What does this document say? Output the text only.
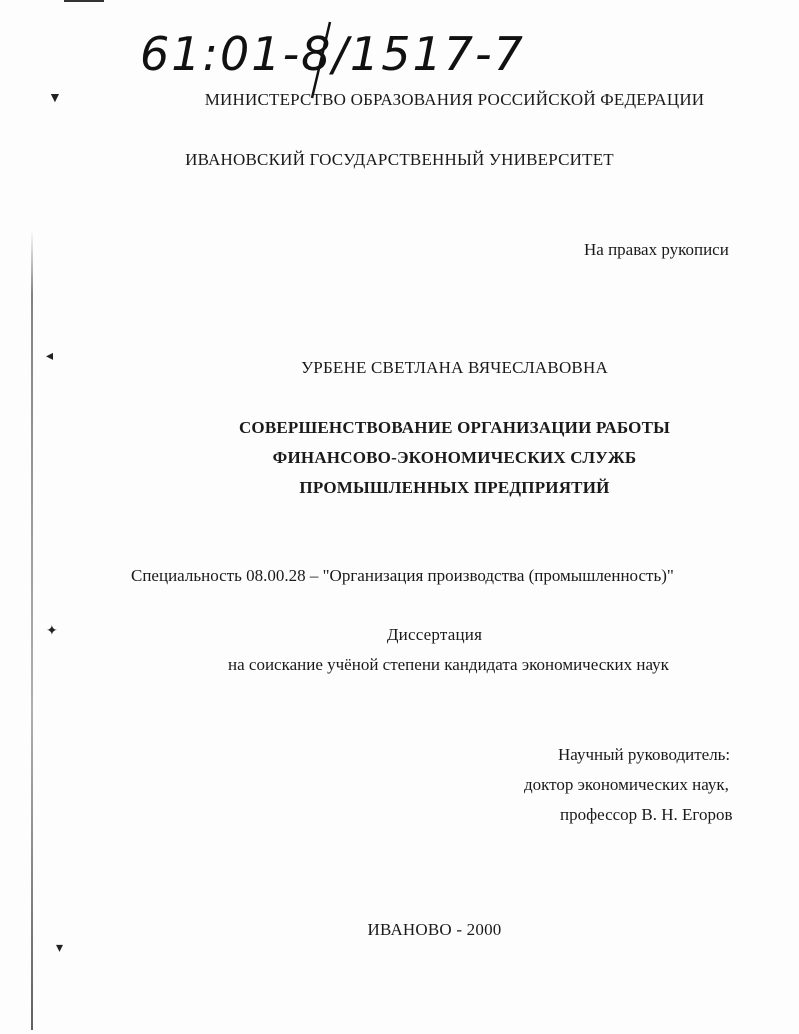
▼
◂
✦
▾
61:01-8/1517-7
МИНИСТЕРСТВО ОБРАЗОВАНИЯ РОССИЙСКОЙ ФЕДЕРАЦИИ
ИВАНОВСКИЙ ГОСУДАРСТВЕННЫЙ УНИВЕРСИТЕТ
На правах рукописи
УРБЕНЕ СВЕТЛАНА ВЯЧЕСЛАВОВНА
СОВЕРШЕНСТВОВАНИЕ ОРГАНИЗАЦИИ РАБОТЫ
ФИНАНСОВО-ЭКОНОМИЧЕСКИХ СЛУЖБ
ПРОМЫШЛЕННЫХ ПРЕДПРИЯТИЙ
Специальность 08.00.28 – "Организация производства (промышленность)"
Диссертация
на соискание учёной степени кандидата экономических наук
Научный руководитель:
доктор экономических наук,
профессор В. Н. Егоров
ИВАНОВО - 2000
